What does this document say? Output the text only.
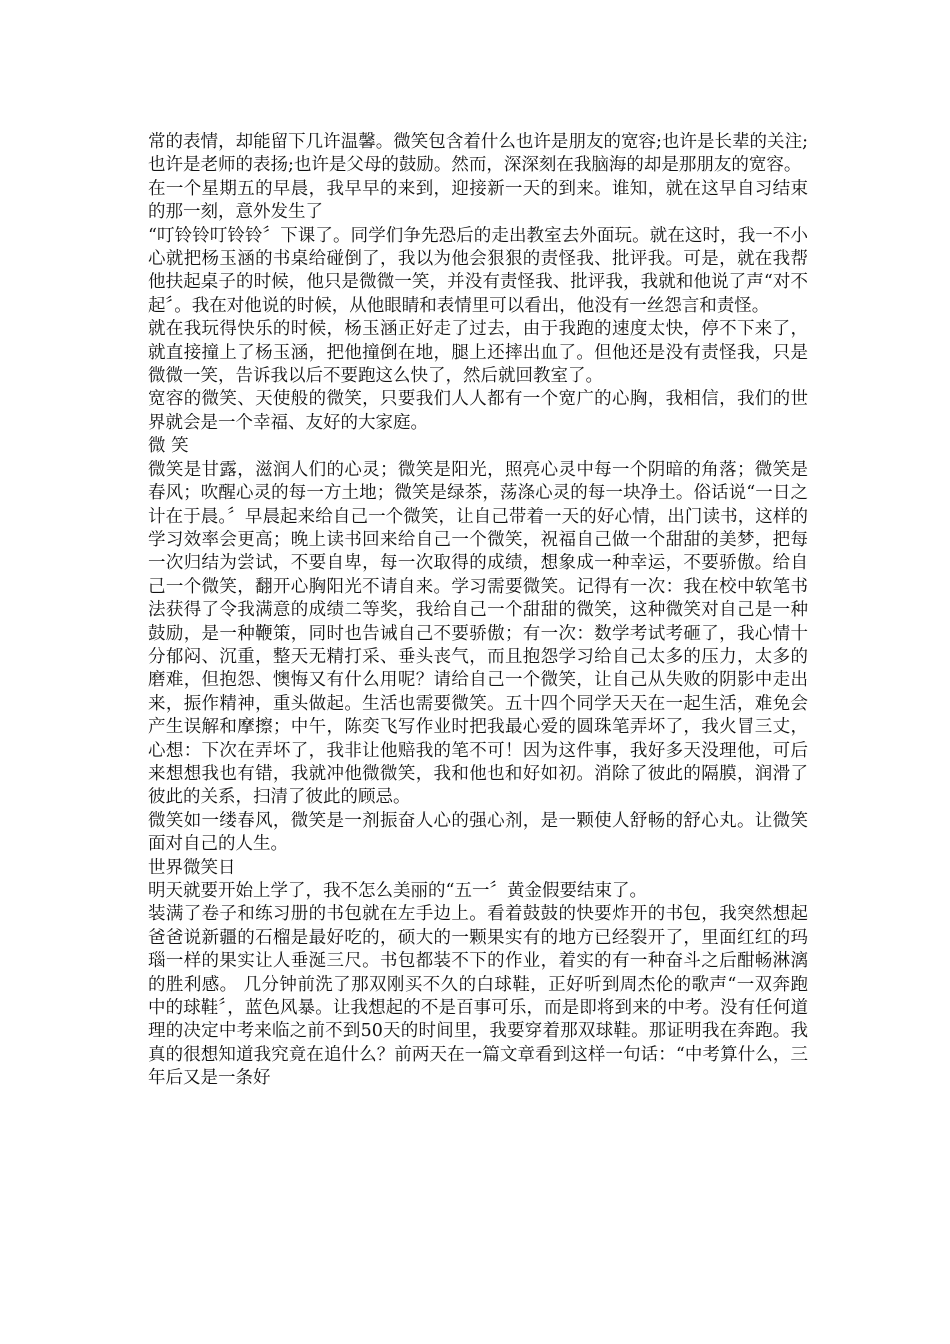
常的表情，却能留下几许温馨。微笑包含着什么也许是朋友的宽容;也许是长辈的关注;也许是老师的表扬;也许是父母的鼓励。然而，深深刻在我脑海的却是那朋友的宽容。

在一个星期五的早晨，我早早的来到，迎接新一天的到来。谁知，就在这早自习结束的那一刻，意外发生了

“叮铃铃叮铃铃〞下课了。同学们争先恐后的走出教室去外面玩。就在这时，我一不小心就把杨玉涵的书桌给碰倒了，我以为他会狠狠的责怪我、批评我。可是，就在我帮他扶起桌子的时候，他只是微微一笑，并没有责怪我、批评我，我就和他说了声“对不起〞。我在对他说的时候，从他眼睛和表情里可以看出，他没有一丝怨言和责怪。

就在我玩得快乐的时候，杨玉涵正好走了过去，由于我跑的速度太快，停不下来了，就直接撞上了杨玉涵，把他撞倒在地，腿上还摔出血了。但他还是没有责怪我，只是微微一笑，告诉我以后不要跑这么快了，然后就回教室了。

宽容的微笑、天使般的微笑，只要我们人人都有一个宽广的心胸，我相信，我们的世界就会是一个幸福、友好的大家庭。

微 笑

微笑是甘露，滋润人们的心灵；微笑是阳光，照亮心灵中每一个阴暗的角落；微笑是春风；吹醒心灵的每一方土地；微笑是绿茶，荡涤心灵的每一块净土。俗话说“一日之计在于晨。〞早晨起来给自己一个微笑，让自己带着一天的好心情，出门读书，这样的学习效率会更高；晚上读书回来给自己一个微笑，祝福自己做一个甜甜的美梦，把每一次归结为尝试，不要自卑，每一次取得的成绩，想象成一种幸运，不要骄傲。给自己一个微笑，翻开心胸阳光不请自来。学习需要微笑。记得有一次：我在校中软笔书法获得了令我满意的成绩二等奖，我给自己一个甜甜的微笑，这种微笑对自己是一种鼓励，是一种鞭策，同时也告诫自己不要骄傲；有一次：数学考试考砸了，我心情十分郁闷、沉重，整天无精打采、垂头丧气，而且抱怨学习给自己太多的压力，太多的磨难，但抱怨、懊悔又有什么用呢？请给自己一个微笑，让自己从失败的阴影中走出来，振作精神，重头做起。生活也需要微笑。五十四个同学天天在一起生活，难免会产生误解和摩擦；中午，陈奕飞写作业时把我最心爱的圆珠笔弄坏了，我火冒三丈，心想：下次在弄坏了，我非让他赔我的笔不可！因为这件事，我好多天没理他，可后来想想我也有错，我就冲他微微笑，我和他也和好如初。消除了彼此的隔膜，润滑了彼此的关系，扫清了彼此的顾忌。

微笑如一缕春风，微笑是一剂振奋人心的强心剂，是一颗使人舒畅的舒心丸。让微笑面对自己的人生。

世界微笑日

明天就要开始上学了，我不怎么美丽的“五一〞黄金假要结束了。

装满了卷子和练习册的书包就在左手边上。看着鼓鼓的快要炸开的书包，我突然想起爸爸说新疆的石榴是最好吃的，硕大的一颗果实有的地方已经裂开了，里面红红的玛瑙一样的果实让人垂涎三尺。书包都装不下的作业，着实的有一种奋斗之后酣畅淋漓的胜利感。 几分钟前洗了那双刚买不久的白球鞋，正好听到周杰伦的歌声“一双奔跑中的球鞋〞，蓝色风暴。让我想起的不是百事可乐，而是即将到来的中考。没有任何道理的决定中考来临之前不到50天的时间里，我要穿着那双球鞋。那证明我在奔跑。我真的很想知道我究竟在追什么？前两天在一篇文章看到这样一句话：“中考算什么，三年后又是一条好
